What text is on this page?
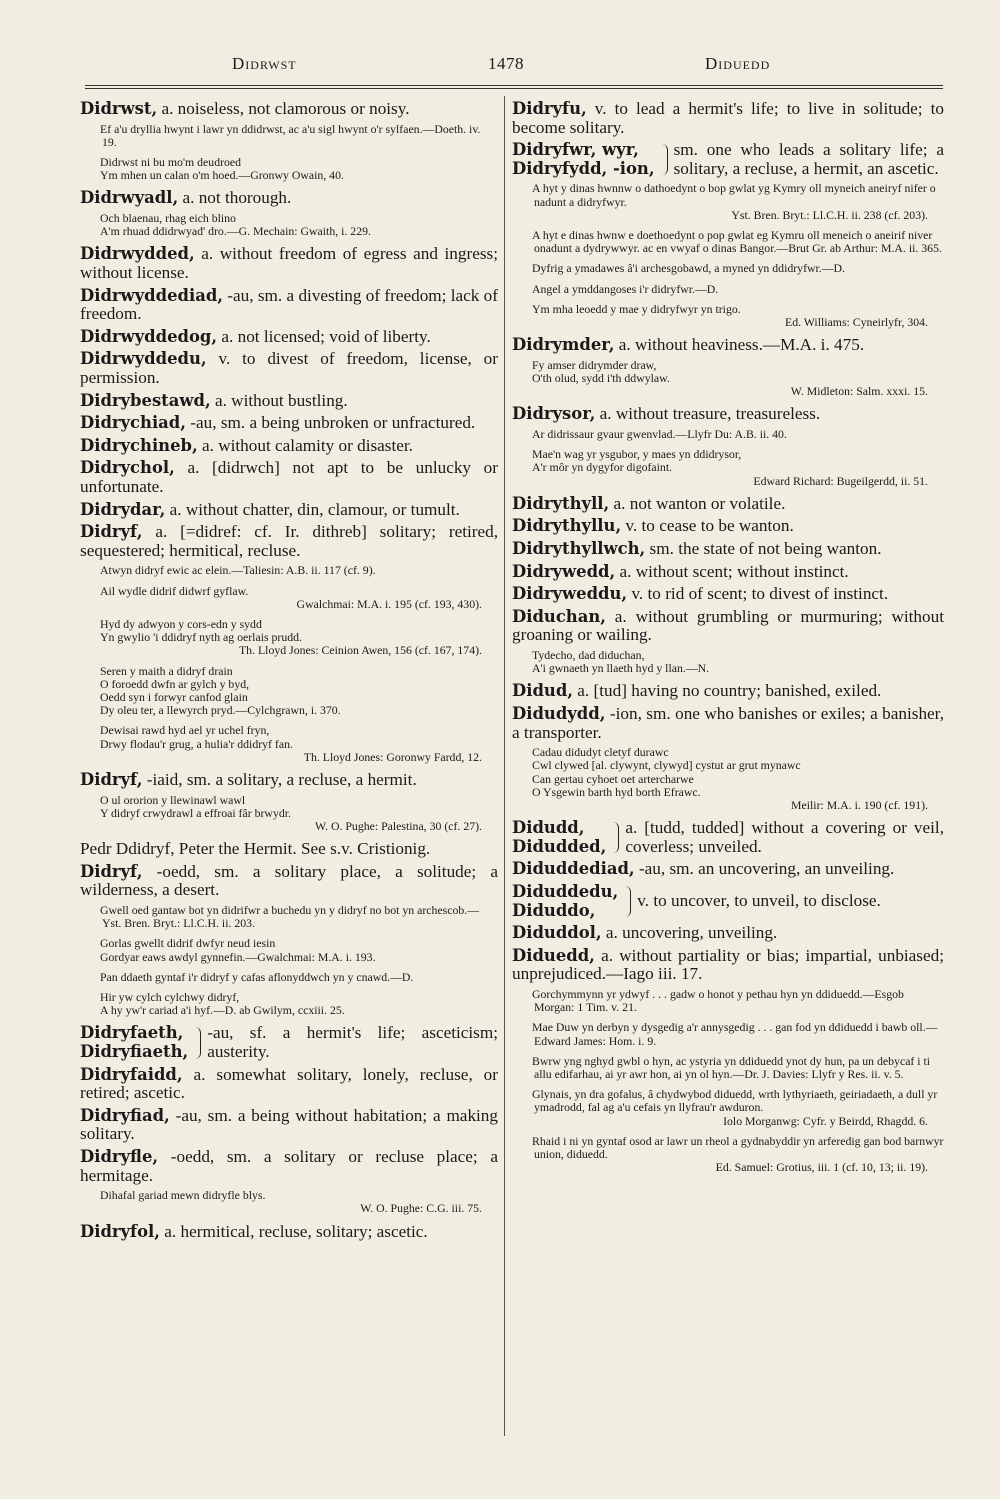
Didrwst	1478	Diduedd
Didrwst, a. noiseless, not clamorous or noisy.
Ef a'u dryllia hwynt i lawr yn ddidrwst, ac a'u sigl hwynt o'r sylfaen.—Doeth. iv. 19.
Didrwst ni bu mo'm deudroed
Ym mhen un calan o'm hoed.—Gronwy Owain, 40.
Didrwyadl, a. not thorough.
Och blaenau, rhag eich blino
A'm rhuad ddidrwyad' dro.—G. Mechain: Gwaith, i. 229.
Didrwydded, a. without freedom of egress and ingress; without license.
Didrwyddediad, -au, sm. a divesting of freedom; lack of freedom.
Didrwyddedog, a. not licensed; void of liberty.
Didrwyddedu, v. to divest of freedom, license, or permission.
Didrybestawd, a. without bustling.
Didrychiad, -au, sm. a being unbroken or unfractured.
Didrychineb, a. without calamity or disaster.
Didrychol, a. [didrwch] not apt to be unlucky or unfortunate.
Didrydar, a. without chatter, din, clamour, or tumult.
Didryf, a. [=didref: cf. Ir. dithreb] solitary; retired, sequestered; hermitical, recluse.
Atwyn didryf ewic ac elein.—Taliesin: A.B. ii. 117 (cf. 9).
Ail wydle didrif didwrf gyflaw.
Gwalchmai: M.A. i. 195 (cf. 193, 430).
Hyd dy adwyon y cors-edn y sydd
Yn gwylio 'i ddidryf nyth ag oerlais prudd.
Th. Lloyd Jones: Ceinion Awen, 156 (cf. 167, 174).
Seren y maith a didryf drain
O foroedd dwfn ar gylch y byd,
Oedd syn i forwyr canfod glain
Dy oleu ter, a llewyrch pryd.—Cylchgrawn, i. 370.
Dewisai rawd hyd ael yr uchel fryn,
Drwy flodau'r grug, a hulia'r ddidryf fan.
Th. Lloyd Jones: Goronwy Fardd, 12.
Didryf, -iaid, sm. a solitary, a recluse, a hermit.
O ul ororion y llewinawl wawl
Y didryf crwydrawl a effroai fâr brwydr.
W. O. Pughe: Palestina, 30 (cf. 27).
Pedr Ddidryf, Peter the Hermit. See s.v. Cristionig.
Didryf, -oedd, sm. a solitary place, a solitude; a wilderness, a desert.
Gwell oed gantaw bot yn didrifwr a buchedu yn y didryf no bot yn archescob.—Yst. Bren. Bryt.: Ll.C.H. ii. 203.
Gorlas gwellt didrif dwfyr neud iesin
Gordyar eaws awdyl gynnefin.—Gwalchmai: M.A. i. 193.
Pan ddaeth gyntaf i'r didryf y cafas aflonyddwch yn y cnawd.—D.
Hir yw cylch cylchwy didryf,
A hy yw'r cariad a'i hyf.—D. ab Gwilym, ccxiii. 25.
Didryfaeth,
Didryfiaeth,
-au, sf. a hermit's life; asceticism; austerity.
Didryfaidd, a. somewhat solitary, lonely, recluse, or retired; ascetic.
Didryfiad, -au, sm. a being without habitation; a making solitary.
Didryfle, -oedd, sm. a solitary or recluse place; a hermitage.
Dihafal gariad mewn didryfle blys.
W. O. Pughe: C.G. iii. 75.
Didryfol, a. hermitical, recluse, solitary; ascetic.
Didryfu, v. to lead a hermit's life; to live in solitude; to become solitary.
Didryfwr, wyr,
Didryfydd, -ion,
sm. one who leads a solitary life; a solitary, a recluse, a hermit, an ascetic.
A hyt y dinas hwnnw o dathoedynt o bop gwlat yg Kymry oll myneich aneiryf nifer o nadunt a didryfwyr.
Yst. Bren. Bryt.: Ll.C.H. ii. 238 (cf. 203).
A hyt e dinas hwnw e doethoedynt o pop gwlat eg Kymru oll meneich o aneirif niver onadunt a dydrywwyr. ac en vwyaf o dinas Bangor.—Brut Gr. ab Arthur: M.A. ii. 365.
Dyfrig a ymadawes â'i archesgobawd, a myned yn ddidryfwr.—D.
Angel a ymddangoses i'r didryfwr.—D.
Ym mha leoedd y mae y didryfwyr yn trigo.
Ed. Williams: Cyneirlyfr, 304.
Didrymder, a. without heaviness.—M.A. i. 475.
Fy amser didrymder draw,
O'th olud, sydd i'th ddwylaw.
W. Midleton: Salm. xxxi. 15.
Didrysor, a. without treasure, treasureless.
Ar didrissaur gvaur gwenvlad.—Llyfr Du: A.B. ii. 40.
Mae'n wag yr ysgubor, y maes yn ddidrysor,
A'r môr yn dygyfor digofaint.
Edward Richard: Bugeilgerdd, ii. 51.
Didrythyll, a. not wanton or volatile.
Didrythyllu, v. to cease to be wanton.
Didrythyllwch, sm. the state of not being wanton.
Didrywedd, a. without scent; without instinct.
Didryweddu, v. to rid of scent; to divest of instinct.
Diduchan, a. without grumbling or murmuring; without groaning or wailing.
Tydecho, dad diduchan,
A'i gwnaeth yn llaeth hyd y llan.—N.
Didud, a. [tud] having no country; banished, exiled.
Didudydd, -ion, sm. one who banishes or exiles; a banisher, a transporter.
Cadau didudyt cletyf durawc
Cwl clywed [al. clywynt, clywyd] cystut ar grut mynawc
Can gertau cyhoet oet artercharwe
O Ysgewin barth hyd borth Efrawc.
Meilir: M.A. i. 190 (cf. 191).
Didudd,
Didudded,
a. [tudd, tudded] without a covering or veil, coverless; unveiled.
Diduddediad, -au, sm. an uncovering, an unveiling.
Diduddedu,
Diduddo,	v. to uncover, to unveil, to disclose.
Diduddol, a. uncovering, unveiling.
Diduedd, a. without partiality or bias; impartial, unbiased; unprejudiced.—Iago iii. 17.
Gorchymmynn yr ydwyf . . . gadw o honot y pethau hyn yn ddiduedd.—Esgob Morgan: 1 Tim. v. 21.
Mae Duw yn derbyn y dysgedig a'r annysgedig . . . gan fod yn ddiduedd i bawb oll.—Edward James: Hom. i. 9.
Bwrw yng nghyd gwbl o hyn, ac ystyria yn ddiduedd ynot dy hun, pa un debycaf i ti allu edifarhau, ai yr awr hon, ai yn ol hyn.—Dr. J. Davies: Llyfr y Res. ii. v. 5.
Glynais, yn dra gofalus, â chydwybod diduedd, wrth lythyriaeth, geiriadaeth, a dull yr ymadrodd, fal ag a'u cefais yn llyfrau'r awduron.
Iolo Morganwg: Cyfr. y Beirdd, Rhagdd. 6.
Rhaid i ni yn gyntaf osod ar lawr un rheol a gydnabyddir yn arferedig gan bod barnwyr union, diduedd.
Ed. Samuel: Grotius, iii. 1 (cf. 10, 13; ii. 19).
